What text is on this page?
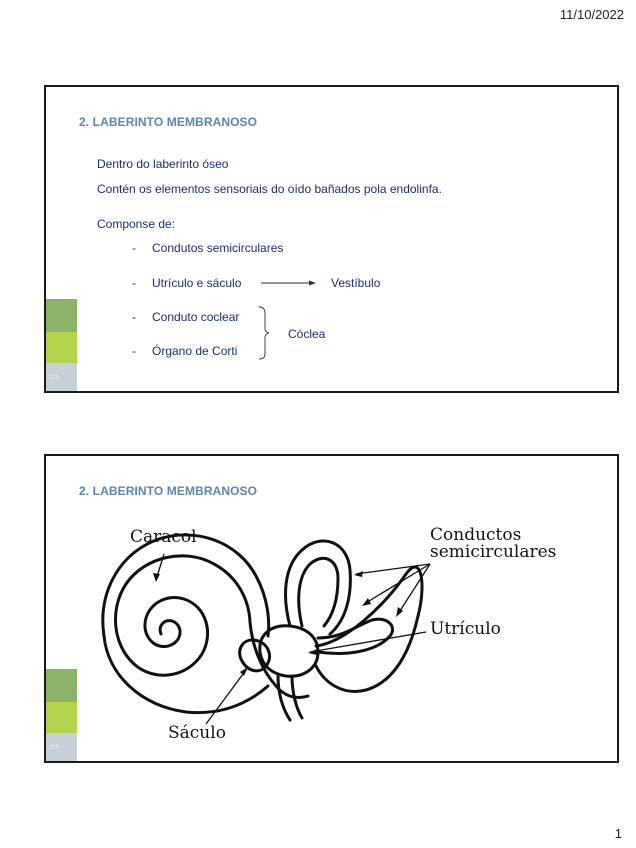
11/10/2022
228
2. LABERINTO MEMBRANOSO
Dentro do laberinto óseo
Contén os elementos sensoriais do oído bañados pola endolinfa.
Componse de:
- Condutos semicirculares
- Utrículo e sáculo
- Conduto coclear
- Órgano de Corti
Vestíbulo
Cóclea
229
2. LABERINTO MEMBRANOSO
Caracol	Conductos
semicirculares
Utrículo
Sáculo
1
